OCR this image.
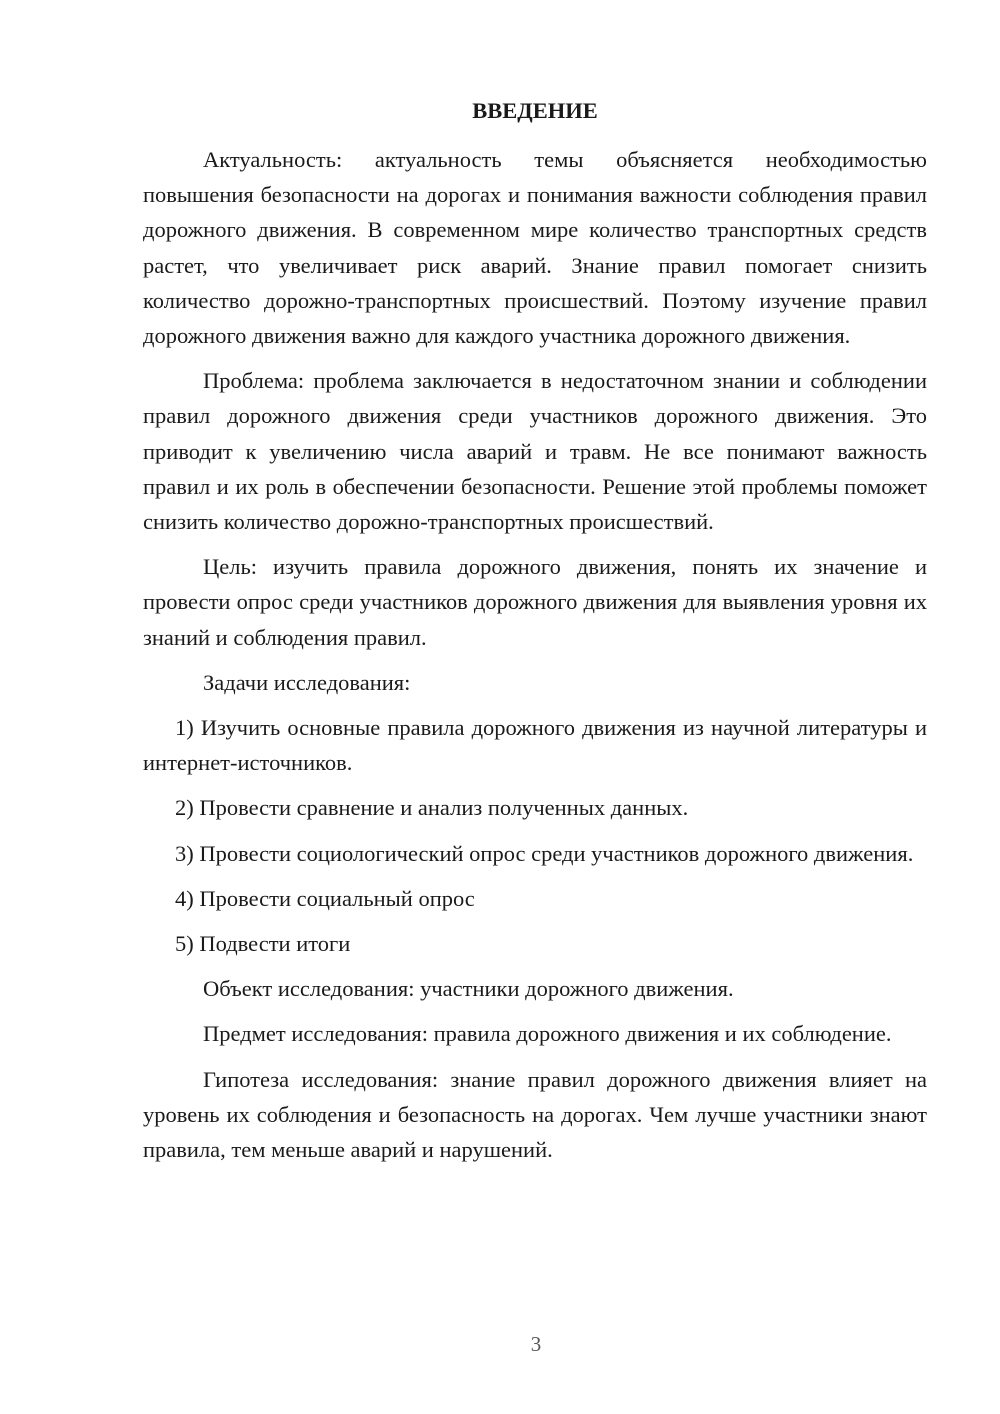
ВВЕДЕНИЕ

Актуальность: актуальность темы объясняется необходимостью повышения безопасности на дорогах и понимания важности соблюдения правил дорожного движения. В современном мире количество транспортных средств растет, что увеличивает риск аварий. Знание правил помогает снизить количество дорожно-транспортных происшествий. Поэтому изучение правил дорожного движения важно для каждого участника дорожного движения.

Проблема: проблема заключается в недостаточном знании и соблюдении правил дорожного движения среди участников дорожного движения. Это приводит к увеличению числа аварий и травм. Не все понимают важность правил и их роль в обеспечении безопасности. Решение этой проблемы поможет снизить количество дорожно-транспортных происшествий.

Цель: изучить правила дорожного движения, понять их значение и провести опрос среди участников дорожного движения для выявления уровня их знаний и соблюдения правил.

Задачи исследования:

1) Изучить основные правила дорожного движения из научной литературы и интернет-источников.

2) Провести сравнение и анализ полученных данных.

3) Провести социологический опрос среди участников дорожного движения.

4) Провести социальный опрос

5) Подвести итоги

Объект исследования: участники дорожного движения.

Предмет исследования: правила дорожного движения и их соблюдение.

Гипотеза исследования: знание правил дорожного движения влияет на уровень их соблюдения и безопасность на дорогах. Чем лучше участники знают правила, тем меньше аварий и нарушений.

3
